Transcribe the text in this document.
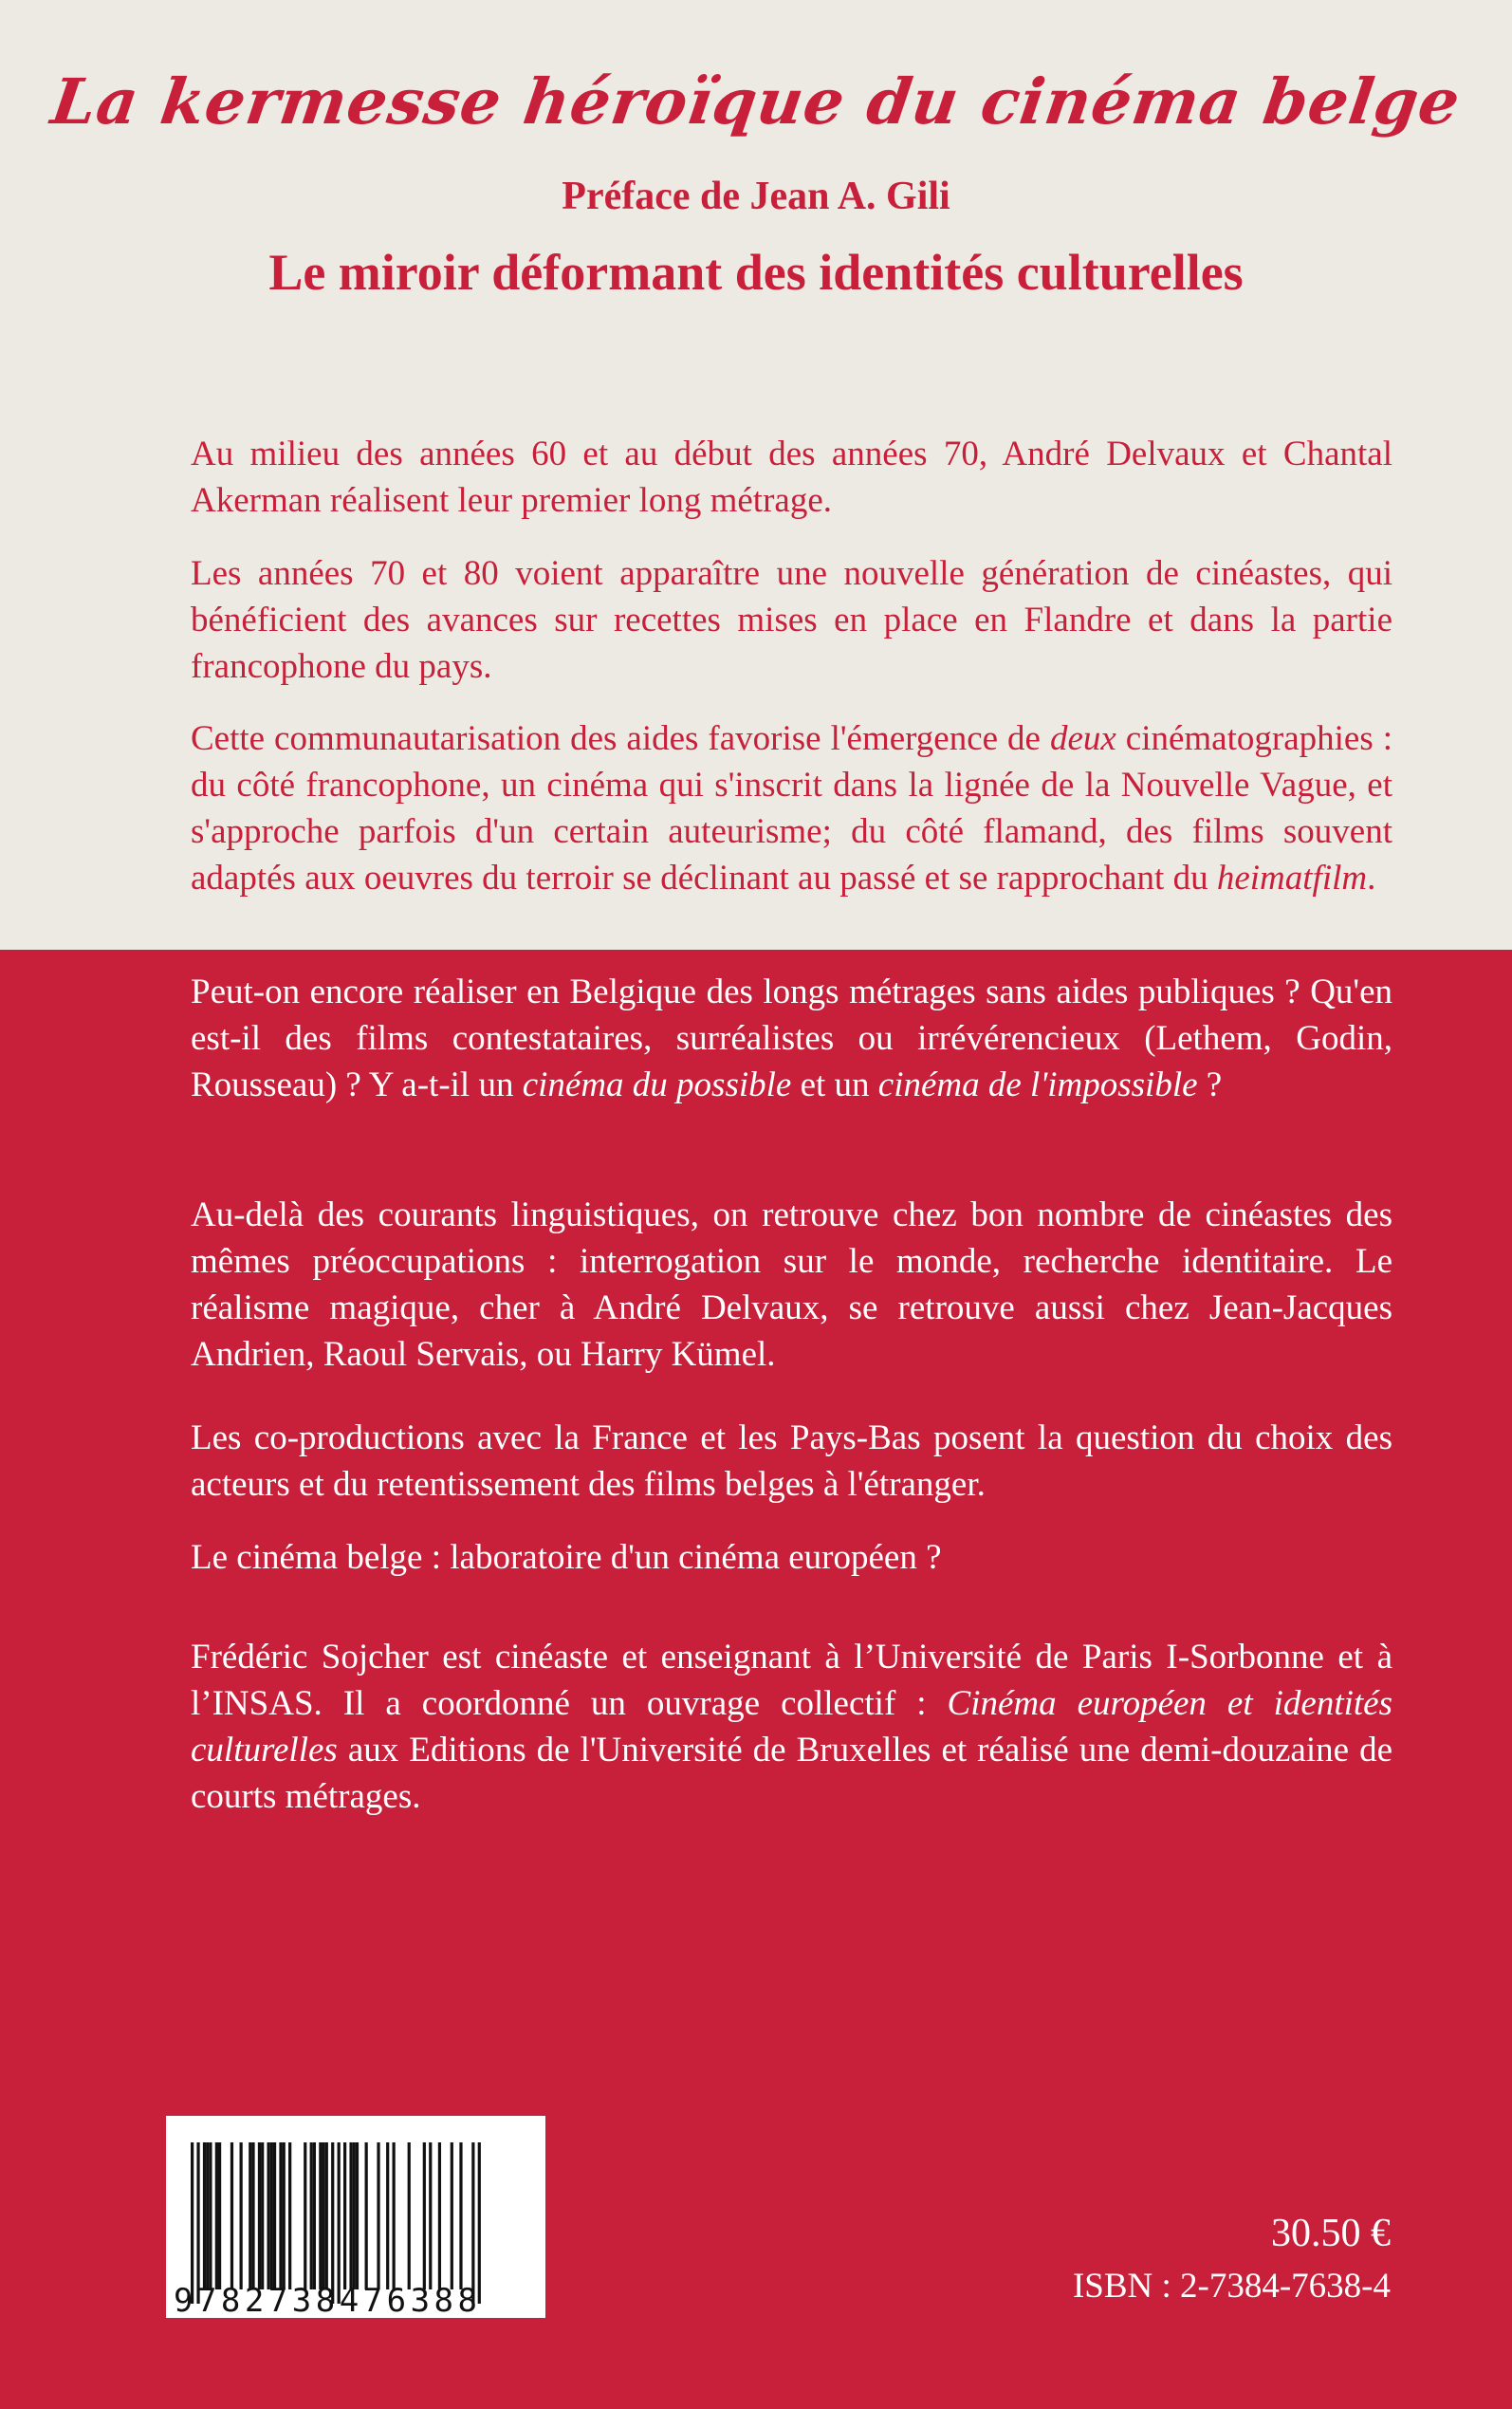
La kermesse héroïque du cinéma belge
Préface de Jean A. Gili
Le miroir déformant des identités culturelles

Au milieu des années 60 et au début des années 70, André Delvaux et Chantal Akerman réalisent leur premier long métrage.

Les années 70 et 80 voient apparaître une nouvelle génération de cinéastes, qui bénéficient des avances sur recettes mises en place en Flandre et dans la partie francophone du pays.

Cette communautarisation des aides favorise l'émergence de deux cinématographies : du côté francophone, un cinéma qui s'inscrit dans la lignée de la Nouvelle Vague, et s'approche parfois d'un certain auteurisme; du côté flamand, des films souvent adaptés aux oeuvres du terroir se déclinant au passé et se rapprochant du heimatfilm.

Peut-on encore réaliser en Belgique des longs métrages sans aides publiques ? Qu'en est-il des films contestataires, surréalistes ou irrévérencieux (Lethem, Godin, Rousseau) ? Y a-t-il un cinéma du possible et un cinéma de l'impossible ?

Au-delà des courants linguistiques, on retrouve chez bon nombre de cinéastes des mêmes préoccupations : interrogation sur le monde, recherche identitaire. Le réalisme magique, cher à André Delvaux, se retrouve aussi chez Jean-Jacques Andrien, Raoul Servais, ou Harry Kümel.

Les co-productions avec la France et les Pays-Bas posent la question du choix des acteurs et du retentissement des films belges à l'étranger.

Le cinéma belge : laboratoire d'un cinéma européen ?

Frédéric Sojcher est cinéaste et enseignant à l’Université de Paris I-Sorbonne et à l’INSAS. Il a coordonné un ouvrage collectif : Cinéma européen et identités culturelles aux Editions de l'Université de Bruxelles et réalisé une demi-douzaine de courts métrages.

9782738476388
30.50 €
ISBN : 2-7384-7638-4
